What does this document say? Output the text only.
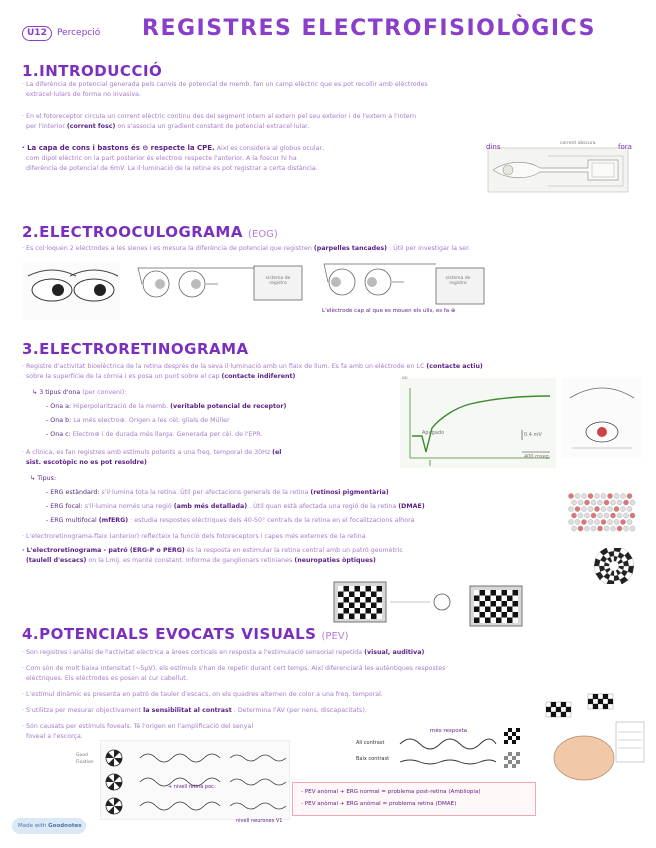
U12 Percepció REGISTRES ELECTROFISIOLÒGICS
1.INTRODUCCIÓ
· La diferència de potencial generada pels canvis de potencial de memb. fan un camp elèctric que es pot recollir amb elèctrodes
extracel·lulars de forma no invasiva.
· En el fotoreceptor circula un corrent elèctric continu des del segment intern al extern pel seu exterior i de l'extern a l'intern
per l'interior (corrent fosc) on s'associa un gradient constant de potencial extracel·lular.
· La capa de cons i bastons és ⊖ respecte la CPE. Així es considera al globus ocular,
com dipol elèctric on la part posterior és electro⊖ respecte l'anterior. A la foscor hi ha
diferència de potencial de 6mV. La il·luminació de la retina es pot registrar a certa distància.
dins	fora
corrent obscura
2.ELECTROOCULOGRAMA (EOG)
· Es col·loquen 2 elèctrodes a les sienes i es mesura la diferència de potencial que registren (parpelles tancades) . Útil per investigar la ser.
sistema de registro
sistema de registro
L'elèctrode cap al que es mouen els ulls, es fa ⊕
3.ELECTRORETINOGRAMA
· Registre d'activitat bioelèctrica de la retina després de la seva il·luminació amb un flaix de llum. Es fa amb un elèctrode en LC (contacte actiu)
sobre la superfície de la còrnia i es posa un punt sobre el cap (contacte indiferent)
↳ 3 tipus d'ona (per conveni):
- Ona a: Hiperpolarització de la memb. (veritable potencial de receptor)
- Ona b: La més electro⊕. Origen a les cèl. glials de Müller
- Ona c: Electro⊕ i de durada més llarga. Generada per cèl. de l'EPR.
· A clínica, es fan registres amb estímuls potents a una freq. temporal de 30Hz (el
sist. escotòpic no es pot resoldre)
↳ Tipus:
- ERG estàndard: s'il·lumina tota la retina. Útil per afectacions generals de la retina (retinosi pigmentària)
- ERG focal: s'il·lumina només una regió (amb més detallada) . Útil quan està afectada una regió de la retina (DMAE)
- ERG multifocal (mfERG) : estudia respostes elèctriques dels 40-50° centrals de la retina en el focalitzacions alhora
· L'electroretinograma-flaix (anterior) reflecteix la funció dels fotoreceptors i capes més externes de la retina
· L'electroretinograma - patró (ERG-P o PERG) és la resposta en estimular la retina central amb un patró geomètric
(taulell d'escacs) on la Lmij. es manté constant. Informa de ganglionars retinianes (neuropaties òptiques)
Apagado	0.4 mV
400 mseg
on
4.POTENCIALS EVOCATS VISUALS (PEV)
· Son registres i anàlisi de l'activitat elèctrica a àrees corticals en resposta a l'estimulació sensorial repetida (visual, auditiva)
· Com són de molt baixa intensitat (~5μV), els estímuls s'han de repetir durant cert temps. Així diferenciarà les autèntiques respostes
elèctriques. Els elèctrodes es posen al cur cabellut.
· L'estímul dinàmic es presenta en patró de tauler d'escacs, on els quadres alternen de color a una freq. temporal.
· S'utilitza per mesurar objectivament la sensibilitat al contrast . Determina l'AV (per nens, discapacitats).
· Són causats per estímuls foveals. Té l'origen en l'amplificació del senyal
foveal a l'escorça.
All contrast
Baix contrast
més resposta
Good
Fixation
+ nivell retina poc.
nivell neurones V1
- PEV anòmal + ERG normal = problema post-retina (Ambliopia)
- PEV anòmal + ERG anòmal = problema retina (DMAE)
Made with Goodnotes
